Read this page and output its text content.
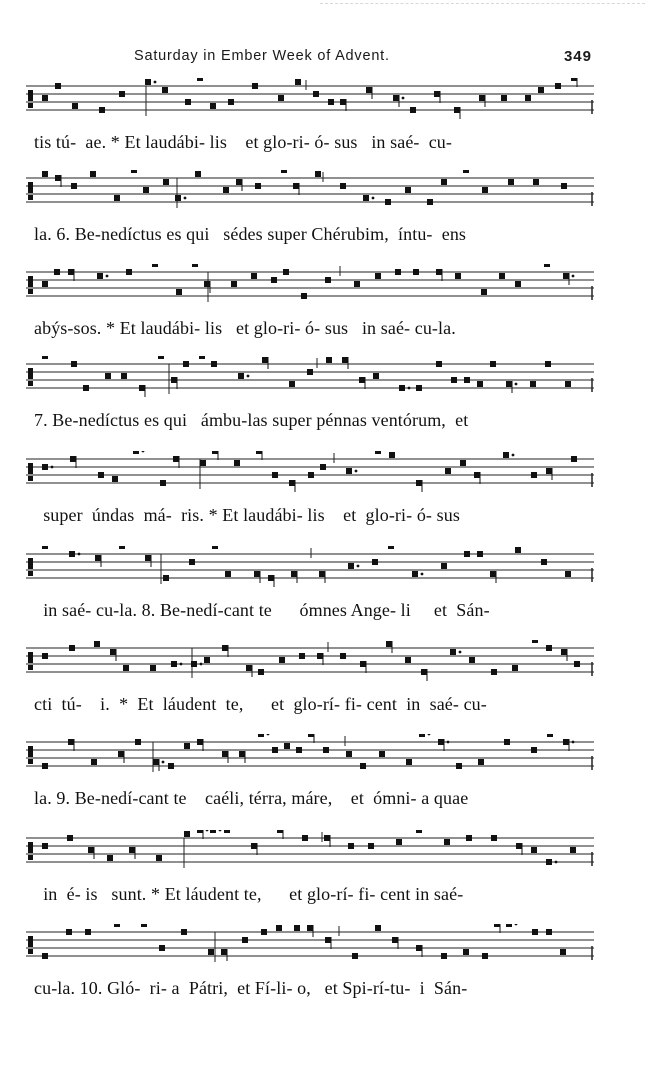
Saturday in Ember Week of Advent.	349
tis tú-  ae. * Et laudábi- lis    et glo-ri- ó- sus   in saé-  cu-
la. 6. Be-nedíctus es qui   sédes super Chérubim,  íntu-  ens
abýs-sos. * Et laudábi- lis   et glo-ri- ó- sus   in saé- cu-la.
7. Be-nedíctus es qui   ámbu-las super pénnas ventórum,  et
super  úndas  má-  ris. * Et laudábi- lis    et  glo-ri- ó- sus
in saé- cu-la. 8. Be-nedí-cant te      ómnes Ange- li     et  Sán-
cti  tú-    i.  *  Et  láudent  te,      et  glo-rí- fi- cent  in  saé- cu-
la. 9. Be-nedí-cant te    caéli, térra, máre,    et  ómni- a quae
in  é- is   sunt. * Et láudent te,      et glo-rí- fi- cent in saé-
cu-la. 10. Gló-  ri- a  Pátri,  et Fí-li- o,   et Spi-rí-tu-  i  Sán-
